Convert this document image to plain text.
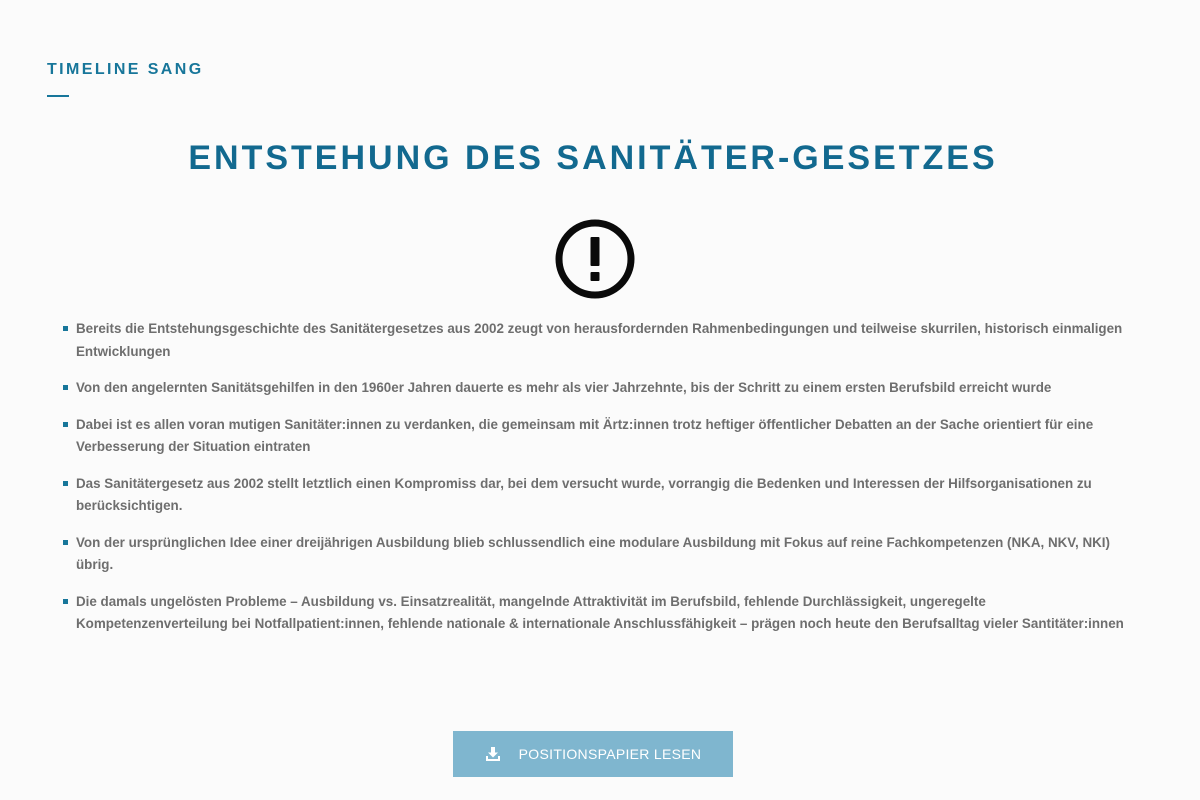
TIMELINE SANG

ENTSTEHUNG DES SANITÄTER-GESETZES
Bereits die Entstehungsgeschichte des Sanitätergesetzes aus 2002 zeugt von herausfordernden Rahmenbedingungen und teilweise skurrilen, historisch einmaligen Entwicklungen
Von den angelernten Sanitätsgehilfen in den 1960er Jahren dauerte es mehr als vier Jahrzehnte, bis der Schritt zu einem ersten Berufsbild erreicht wurde
Dabei ist es allen voran mutigen Sanitäter:innen zu verdanken, die gemeinsam mit Ärtz:innen trotz heftiger öffentlicher Debatten an der Sache orientiert für eine Verbesserung der Situation eintraten
Das Sanitätergesetz aus 2002 stellt letztlich einen Kompromiss dar, bei dem versucht wurde, vorrangig die Bedenken und Interessen der Hilfsorganisationen zu berücksichtigen.
Von der ursprünglichen Idee einer dreijährigen Ausbildung blieb schlussendlich eine modulare Ausbildung mit Fokus auf reine Fachkompetenzen (NKA, NKV, NKI) übrig.
Die damals ungelösten Probleme – Ausbildung vs. Einsatzrealität, mangelnde Attraktivität im Berufsbild, fehlende Durchlässigkeit, ungeregelte Kompetenzenverteilung bei Notfallpatient:innen, fehlende nationale & internationale Anschlussfähigkeit – prägen noch heute den Berufsalltag vieler Santitäter:innen
POSITIONSPAPIER LESEN
